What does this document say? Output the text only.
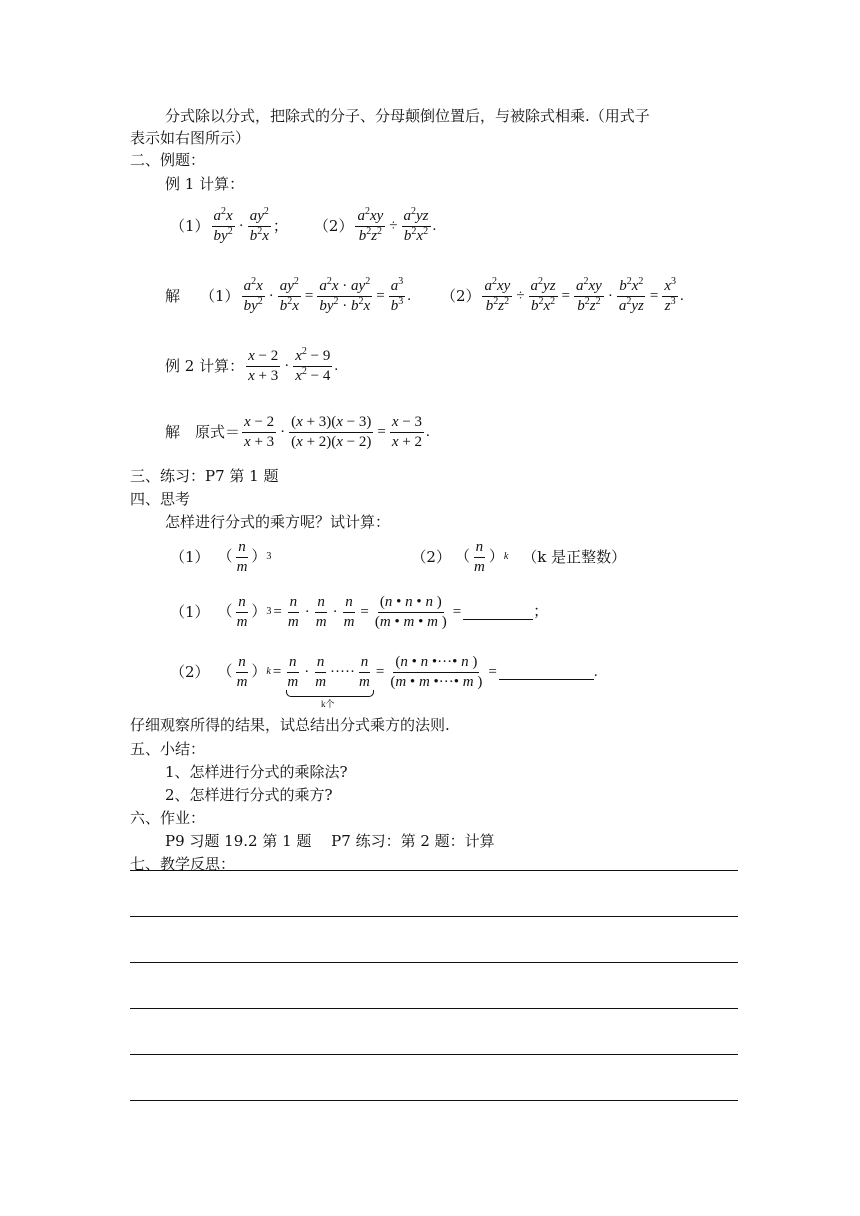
分式除以分式，把除式的分子、分母颠倒位置后，与被除式相乘.（用式子
表示如右图所示）
二、例题：
例 1 计算：
$(1) \frac{a^2x}{by^2} \cdot \frac{ay^2}{b^2x}$ ； $(2) \frac{a^2xy}{b^2z^2} \div \frac{a^2yz}{b^2x^2}$ .
解 $(1) \frac{a^2x}{by^2} \cdot \frac{ay^2}{b^2x} = \frac{a^2x \cdot ay^2}{by^2 \cdot b^2x} = \frac{a^3}{b^3}$ . $(2) \frac{a^2xy}{b^2z^2} \div \frac{a^2yz}{b^2x^2} = \frac{a^2xy}{b^2z^2} \cdot \frac{b^2x^2}{a^2yz} = \frac{x^3}{z^3}$ .
例 2 计算： $\frac{x - 2}{x + 3} \cdot \frac{x^2 - 9}{x^2 - 4}$ .
解　原式＝ $\frac{x - 2}{x + 3} \cdot \frac{(x + 3)(x - 3)}{(x + 2)(x - 2)} = \frac{x - 3}{x + 2}$ .
三、练习：P7 第 1 题
四、思考
怎样进行分式的乘方呢？试计算：
（1） （ $\frac{n}{m}$ ） 3	（2） （ $\frac{n}{m}$ ） k （k 是正整数）
（1） （ $\frac{n}{m}$ ） $3 = \frac{n}{m} \cdot \frac{n}{m} \cdot \frac{n}{m} = \frac{(n • n • n )}{(m • m • m )}$ =	；
（2） （ $\frac{n}{m}$ ） $k = \frac{n}{m} \cdot \frac{n}{m}$ ····· $\frac{n}{m} = \frac{(n • n •\cdot\cdot\cdot• n )}{(m • m •\cdot\cdot\cdot• m )}$ =	.
k个
仔细观察所得的结果，试总结出分式乘方的法则.
五、小结：
1、怎样进行分式的乘除法?
2、怎样进行分式的乘方?
六、作业：
P9 习题 19.2 第 1 题　 P7 练习：第 2 题：计算
七、教学反思：
